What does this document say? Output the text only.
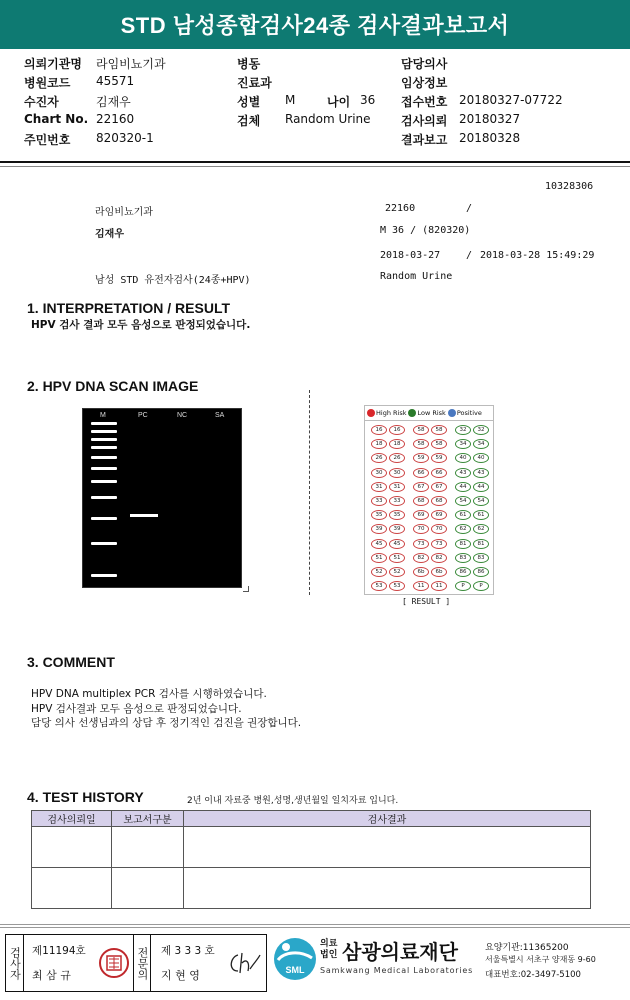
STD 남성종합검사24종 검사결과보고서
의뢰기관명 라임비뇨기과
병원코드 45571
수진자	김재우
Chart No. 22160
주민번호 820320-1
병동
진료과
성별 M	나이 36
검체 Random Urine
담당의사
임상정보
접수번호 20180327-07722
검사의뢰 20180327
결과보고 20180328
10328306
라임비뇨기과	22160	/
김재우	M 36 / (820320)
2018-03-27	/ 2018-03-28 15:49:29
남성 STD 유전자검사(24종+HPV)	Random Urine
1. INTERPRETATION / RESULT
HPV 검사 결과 모두 음성으로 판정되었습니다.
2. HPV DNA SCAN IMAGE
M	PC	NC	SA	High Risk Low Risk Positive
16	16	58	58	32	32
18	18	58	58	34	34
26	26	59	59	40	40
30	30	66	66	43	43
31	31	67	67	44	44
33	33	68	68	54	54
35	35	69	69	61	61
39	39	70	70	62	62
45	45	73	73	81	81
51	51	82	82	83	83
52	52	6b	6b	86	86
53	53	11	11	P	P
[ RESULT ]
3. COMMENT
HPV DNA multiplex PCR 검사를 시행하였습니다.
HPV 검사결과 모두 음성으로 판정되었습니다.
담당 의사 선생님과의 상담 후 정기적인 검진을 권장합니다.
4. TEST HISTORY	2년 이내 자료중 병원,성명,생년월일 일치자료 입니다.
검사의뢰일	보고서구분	검사결과

검사자 제11194호
최 삼 규	전문의 제 3 3 3 호
지 현 영	SML
의료법인 삼광의료재단
Samkwang Medical Laboratories
요양기관:11365200
서울특별시 서초구 양재동 9-60
대표번호:02-3497-5100
